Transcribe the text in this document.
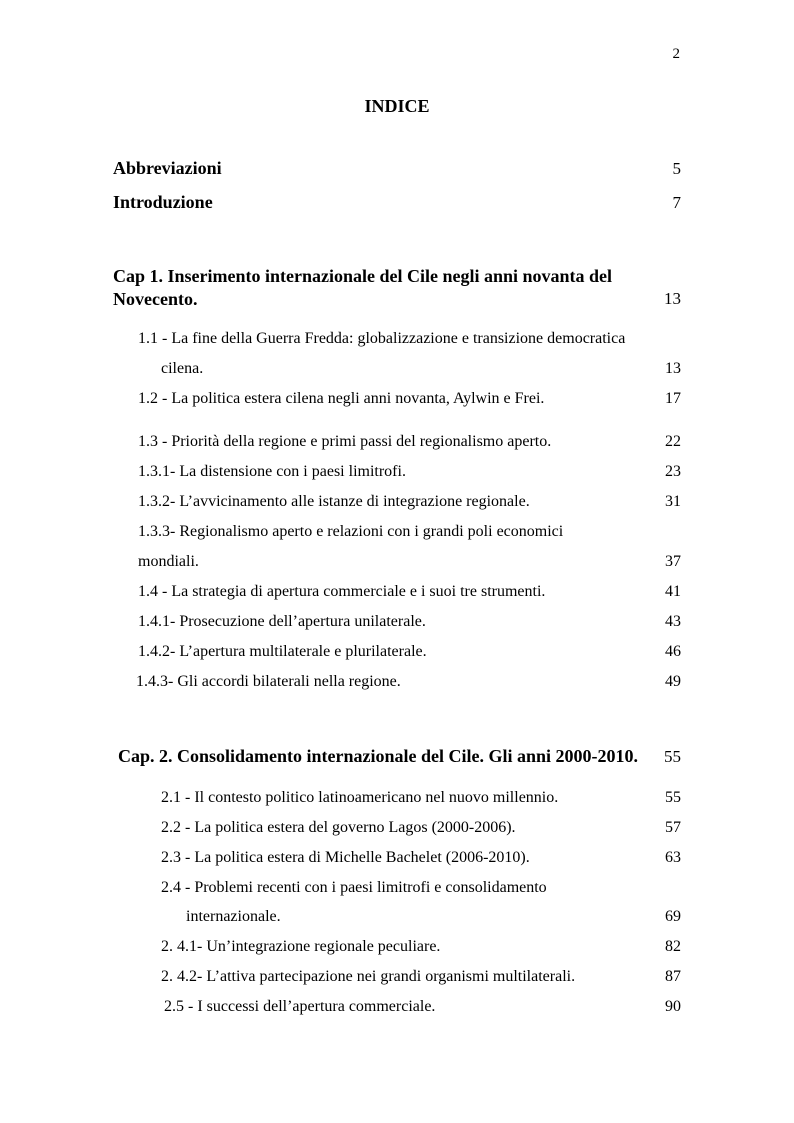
2
INDICE
Abbreviazioni	5
Introduzione	7
Cap 1. Inserimento internazionale del Cile negli anni novanta del
Novecento.	13
1.1 - La fine della Guerra Fredda: globalizzazione e transizione democratica
cilena.	13
1.2 - La politica estera cilena negli anni novanta, Aylwin e Frei.	17
1.3 - Priorità della regione e primi passi del regionalismo aperto.	22
1.3.1- La distensione con i paesi limitrofi.	23
1.3.2- L’avvicinamento alle istanze di integrazione regionale.	31
1.3.3- Regionalismo aperto e relazioni con i grandi poli economici
mondiali.	37
1.4 - La strategia di apertura commerciale e i suoi tre strumenti.	41
1.4.1- Prosecuzione dell’apertura unilaterale.	43
1.4.2- L’apertura multilaterale e plurilaterale.	46
1.4.3- Gli accordi bilaterali nella regione.	49
Cap. 2. Consolidamento internazionale del Cile. Gli anni 2000-2010. 55
2.1 - Il contesto politico latinoamericano nel nuovo millennio.	55
2.2 - La politica estera del governo Lagos (2000-2006).	57
2.3 - La politica estera di Michelle Bachelet (2006-2010).	63
2.4 - Problemi recenti con i paesi limitrofi e consolidamento
internazionale.	69
2. 4.1- Un’integrazione regionale peculiare.	82
2. 4.2- L’attiva partecipazione nei grandi organismi multilaterali.	87
2.5 - I successi dell’apertura commerciale.	90
